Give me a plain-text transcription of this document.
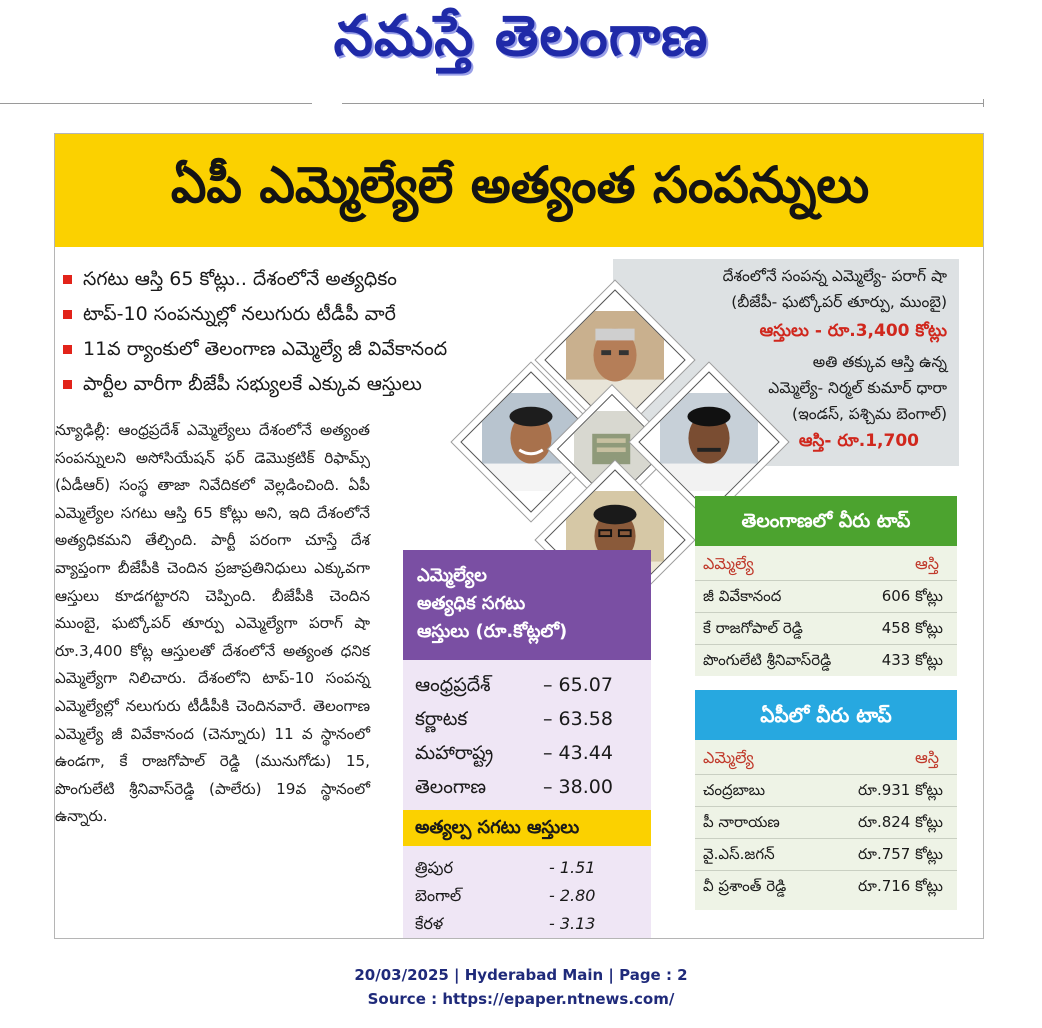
నమస్తే తెలంగాణ
ఏపీ ఎమ్మెల్యేలే అత్యంత సంపన్నులు
సగటు ఆస్తి 65 కోట్లు.. దేశంలోనే అత్యధికం
టాప్-10 సంపన్నుల్లో నలుగురు టీడీపీ వారే
11వ ర్యాంకులో తెలంగాణ ఎమ్మెల్యే జీ వివేకానంద
పార్టీల వారీగా బీజేపీ సభ్యులకే ఎక్కువ ఆస్తులు
న్యూఢిల్లీ: ఆంధ్రప్రదేశ్ ఎమ్మెల్యేలు దేశంలోనే అత్యంత సంపన్నులని అసోసియేషన్ ఫర్ డెమొక్రటిక్ రిఫామ్స్ (ఏడీఆర్) సంస్థ తాజా నివేదికలో వెల్లడించింది. ఏపీ ఎమ్మెల్యేల సగటు ఆస్తి 65 కోట్లు అని, ఇది దేశంలోనే అత్యధికమని తేల్చింది. పార్టీ పరంగా చూస్తే దేశ వ్యాప్తంగా బీజేపీకి చెందిన ప్రజాప్రతినిధులు ఎక్కువగా ఆస్తులు కూడగట్టారని చెప్పింది. బీజేపీకి చెందిన ముంబై, ఘట్కోపర్ తూర్పు ఎమ్మెల్యేగా పరాగ్ షా రూ.3,400 కోట్ల ఆస్తులతో దేశంలోనే అత్యంత ధనిక ఎమ్మెల్యేగా నిలిచారు. దేశంలోని టాప్-10 సంపన్న ఎమ్మెల్యేల్లో నలుగురు టీడీపీకి చెందినవారే. తెలంగాణ ఎమ్మెల్యే జీ వివేకానంద (చెన్నూరు) 11 వ స్థానంలో ఉండగా, కే రాజగోపాల్ రెడ్డి (మునుగోడు) 15, పొంగులేటి శ్రీనివాస్‌రెడ్డి (పాలేరు) 19వ స్థానంలో ఉన్నారు.
దేశంలోనే సంపన్న ఎమ్మెల్యే- పరాగ్ షా
(బీజేపీ- ఘట్కోపర్ తూర్పు, ముంబై)
ఆస్తులు - రూ.3,400 కోట్లు
అతి తక్కువ ఆస్తి ఉన్న
ఎమ్మెల్యే- నిర్మల్ కుమార్ ధారా
(ఇండస్, పశ్చిమ బెంగాల్)
ఆస్తి- రూ.1,700
ఎమ్మెల్యేల
అత్యధిక సగటు
ఆస్తులు (రూ.కోట్లలో)
ఆంధ్రప్రదేశ్	– 65.07
కర్ణాటక	– 63.58
మహారాష్ట్ర	– 43.44
తెలంగాణ	– 38.00
అత్యల్ప సగటు ఆస్తులు
త్రిపుర	- 1.51
బెంగాల్	- 2.80
కేరళ	- 3.13
తెలంగాణలో వీరు టాప్
ఎమ్మెల్యే	ఆస్తి
జీ వివేకానంద	606 కోట్లు
కే రాజగోపాల్ రెడ్డి	458 కోట్లు
పొంగులేటి శ్రీనివాస్‌రెడ్డి	433 కోట్లు
ఏపీలో వీరు టాప్
ఎమ్మెల్యే	ఆస్తి
చంద్రబాబు	రూ.931 కోట్లు
పీ నారాయణ	రూ.824 కోట్లు
వై.ఎస్.జగన్	రూ.757 కోట్లు
వీ ప్రశాంత్ రెడ్డి	రూ.716 కోట్లు
20/03/2025 | Hyderabad Main | Page : 2
Source : https://epaper.ntnews.com/
